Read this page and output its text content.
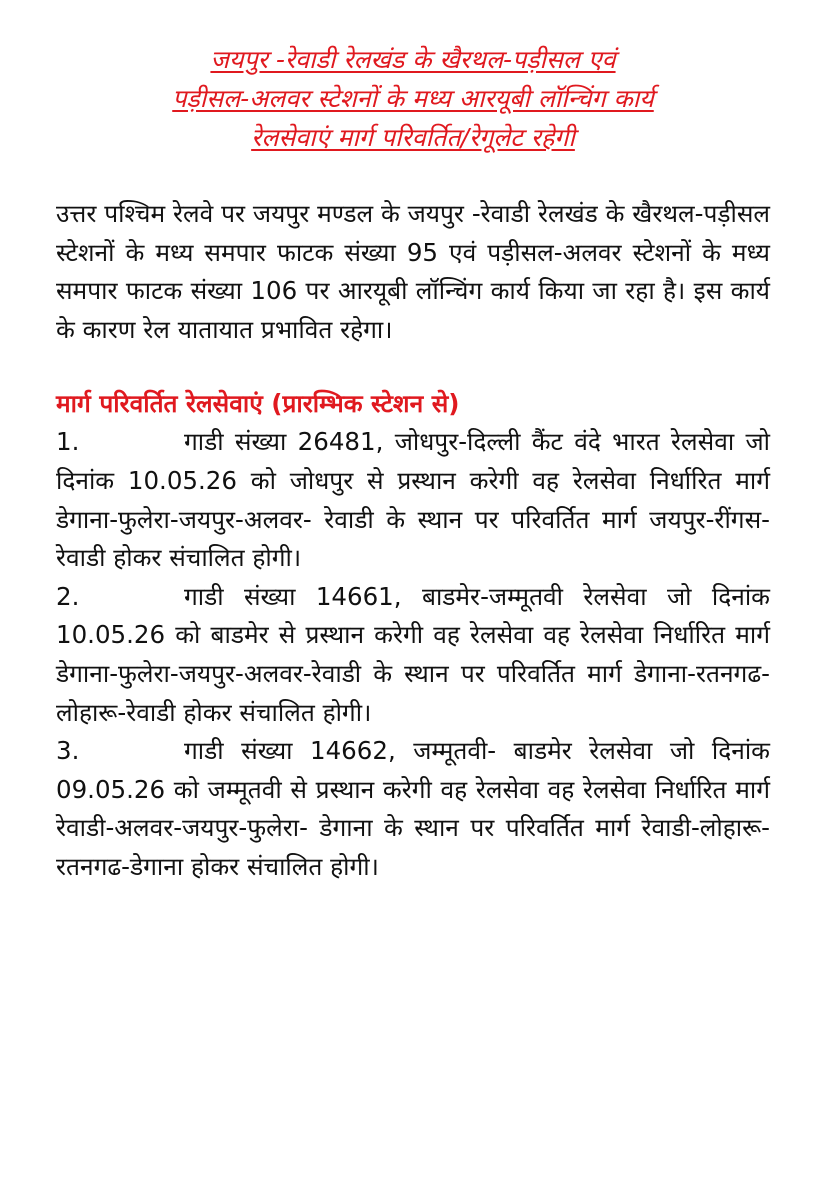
जयपुर -रेवाडी रेलखंड के खैरथल-पड़ीसल एवं
पड़ीसल-अलवर स्टेशनों के मध्य आरयूबी लॉन्चिंग कार्य
रेलसेवाएं मार्ग परिवर्तित/रेगूलेट रहेगी

उत्तर पश्चिम रेलवे पर जयपुर मण्डल के जयपुर -रेवाडी रेलखंड के खैरथल-पड़ीसल स्टेशनों के मध्य समपार फाटक संख्या 95 एवं पड़ीसल-अलवर स्टेशनों के मध्य समपार फाटक संख्या 106 पर आरयूबी लॉन्चिंग कार्य किया जा रहा है। इस कार्य के कारण रेल यातायात प्रभावित रहेगा।

मार्ग परिवर्तित रेलसेवाएं (प्रारम्भिक स्टेशन से)

1.	गाडी संख्या 26481, जोधपुर-दिल्ली कैंट वंदे भारत रेलसेवा जो दिनांक 10.05.26 को जोधपुर से प्रस्थान करेगी वह रेलसेवा निर्धारित मार्ग डेगाना-फुलेरा-जयपुर-अलवर- रेवाडी के स्थान पर परिवर्तित मार्ग जयपुर-रींगस-रेवाडी होकर संचालित होगी।

2.	गाडी संख्या 14661, बाडमेर-जम्मूतवी रेलसेवा जो दिनांक 10.05.26 को बाडमेर से प्रस्थान करेगी वह रेलसेवा वह रेलसेवा निर्धारित मार्ग डेगाना-फुलेरा-जयपुर-अलवर-रेवाडी के स्थान पर परिवर्तित मार्ग डेगाना-रतनगढ-लोहारू-रेवाडी होकर संचालित होगी।

3.	गाडी संख्या 14662, जम्मूतवी- बाडमेर रेलसेवा जो दिनांक 09.05.26 को जम्मूतवी से प्रस्थान करेगी वह रेलसेवा वह रेलसेवा निर्धारित मार्ग रेवाडी-अलवर-जयपुर-फुलेरा- डेगाना के स्थान पर परिवर्तित मार्ग रेवाडी-लोहारू-रतनगढ-डेगाना होकर संचालित होगी।
